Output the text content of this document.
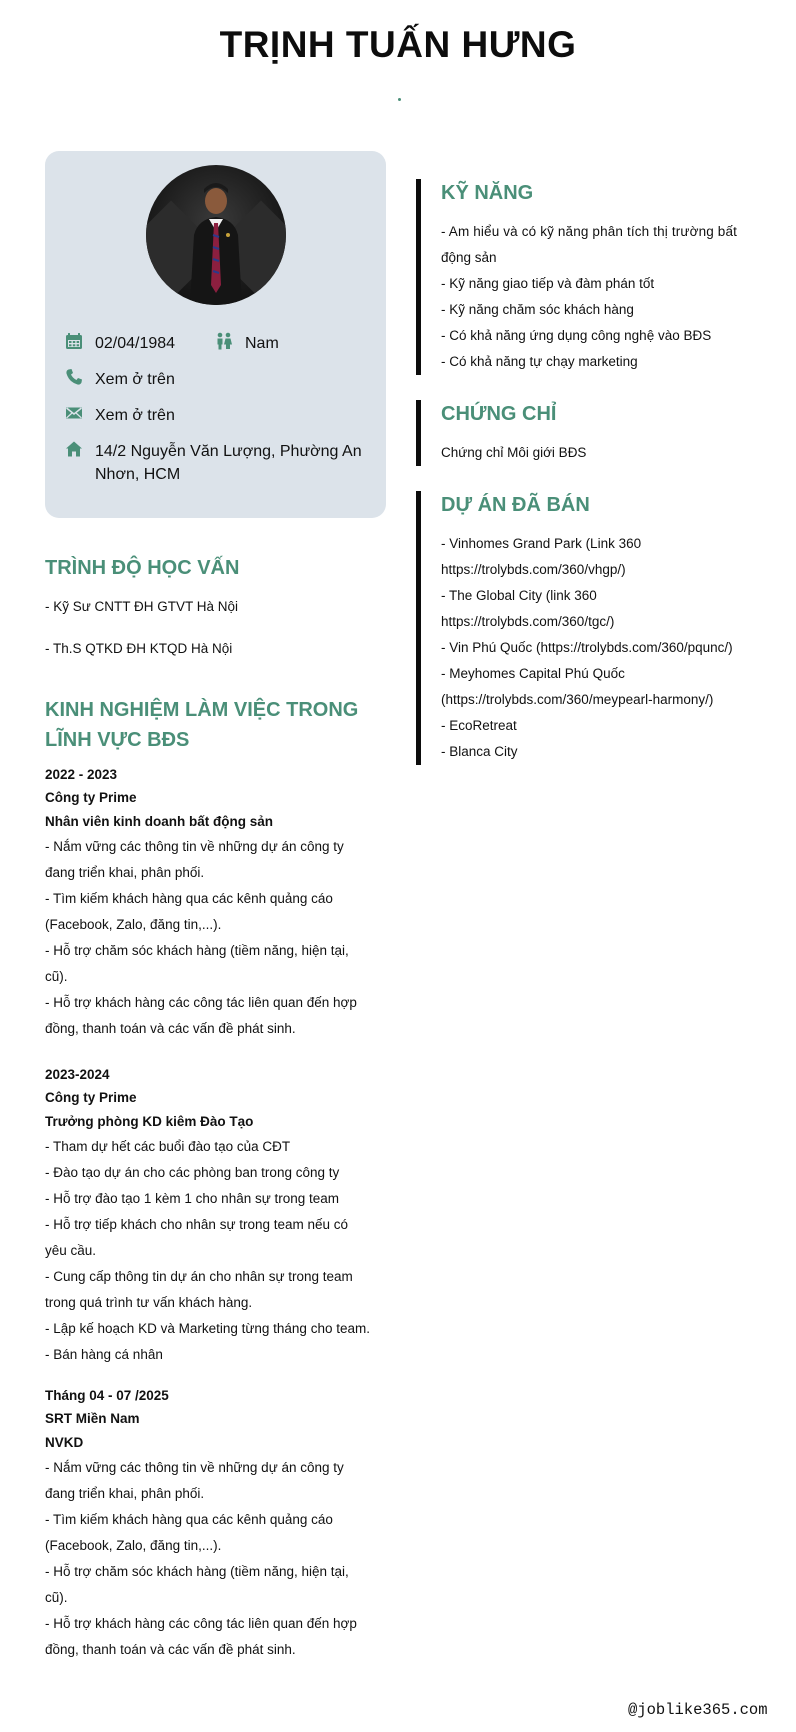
TRỊNH TUẤN HƯNG
02/04/1984	Nam
Xem ở trên
Xem ở trên
14/2 Nguyễn Văn Lượng, Phường An Nhơn, HCM
TRÌNH ĐỘ HỌC VẤN
- Kỹ Sư CNTT ĐH GTVT Hà Nội
- Th.S QTKD ĐH KTQD Hà Nội
KINH NGHIỆM LÀM VIỆC TRONG
LĨNH VỰC BĐS
2022 - 2023
Công ty Prime
Nhân viên kinh doanh bất động sản
- Nắm vững các thông tin về những dự án công ty
đang triển khai, phân phối.
- Tìm kiếm khách hàng qua các kênh quảng cáo
(Facebook, Zalo, đăng tin,...).
- Hỗ trợ chăm sóc khách hàng (tiềm năng, hiện tại,
cũ).
- Hỗ trợ khách hàng các công tác liên quan đến hợp
đồng, thanh toán và các vấn đề phát sinh.
2023-2024
Công ty Prime
Trưởng phòng KD kiêm Đào Tạo
- Tham dự hết các buổi đào tạo của CĐT
- Đào tạo dự án cho các phòng ban trong công ty
- Hỗ trợ đào tạo 1 kèm 1 cho nhân sự trong team
- Hỗ trợ tiếp khách cho nhân sự trong team nếu có
yêu cầu.
- Cung cấp thông tin dự án cho nhân sự trong team
trong quá trình tư vấn khách hàng.
- Lập kế hoạch KD và Marketing từng tháng cho team.
- Bán hàng cá nhân
Tháng 04 - 07 /2025
SRT Miền Nam
NVKD
- Nắm vững các thông tin về những dự án công ty
đang triển khai, phân phối.
- Tìm kiếm khách hàng qua các kênh quảng cáo
(Facebook, Zalo, đăng tin,...).
- Hỗ trợ chăm sóc khách hàng (tiềm năng, hiện tại,
cũ).
- Hỗ trợ khách hàng các công tác liên quan đến hợp
đồng, thanh toán và các vấn đề phát sinh.
KỸ NĂNG
- Am hiểu và có kỹ năng phân tích thị trường bất
động sản
- Kỹ năng giao tiếp và đàm phán tốt
- Kỹ năng chăm sóc khách hàng
- Có khả năng ứng dụng công nghệ vào BĐS
- Có khả năng tự chạy marketing
CHỨNG CHỈ
Chứng chỉ Môi giới BĐS
DỰ ÁN ĐÃ BÁN
- Vinhomes Grand Park (Link 360
https://trolybds.com/360/vhgp/)
- The Global City (link 360
https://trolybds.com/360/tgc/)
- Vin Phú Quốc (https://trolybds.com/360/pqunc/)
- Meyhomes Capital Phú Quốc
(https://trolybds.com/360/meypearl-harmony/)
- EcoRetreat
- Blanca City
@joblike365.com
